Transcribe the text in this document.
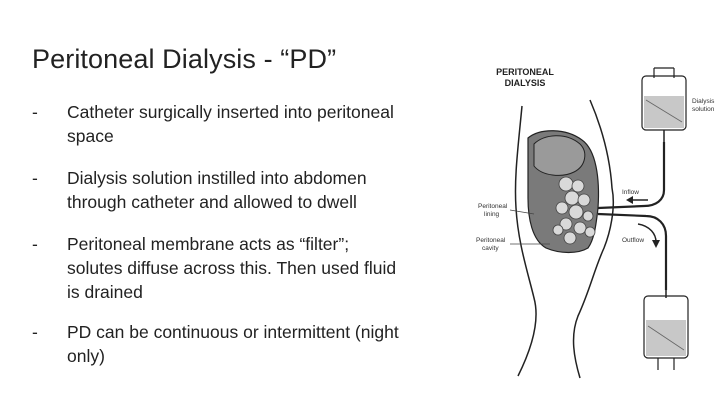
Peritoneal Dialysis - “PD”
-	Catheter surgically inserted into peritoneal
space
-	Dialysis solution instilled into abdomen
through catheter and allowed to dwell
-	Peritoneal membrane acts as “filter”;
solutes diffuse across this. Then used fluid
is drained
-	PD can be continuous or intermittent (night
only)
PERITONEAL
DIALYSIS
Dialysis
solution
Inflow
Outflow
Peritoneal
lining
Peritoneal
cavity
